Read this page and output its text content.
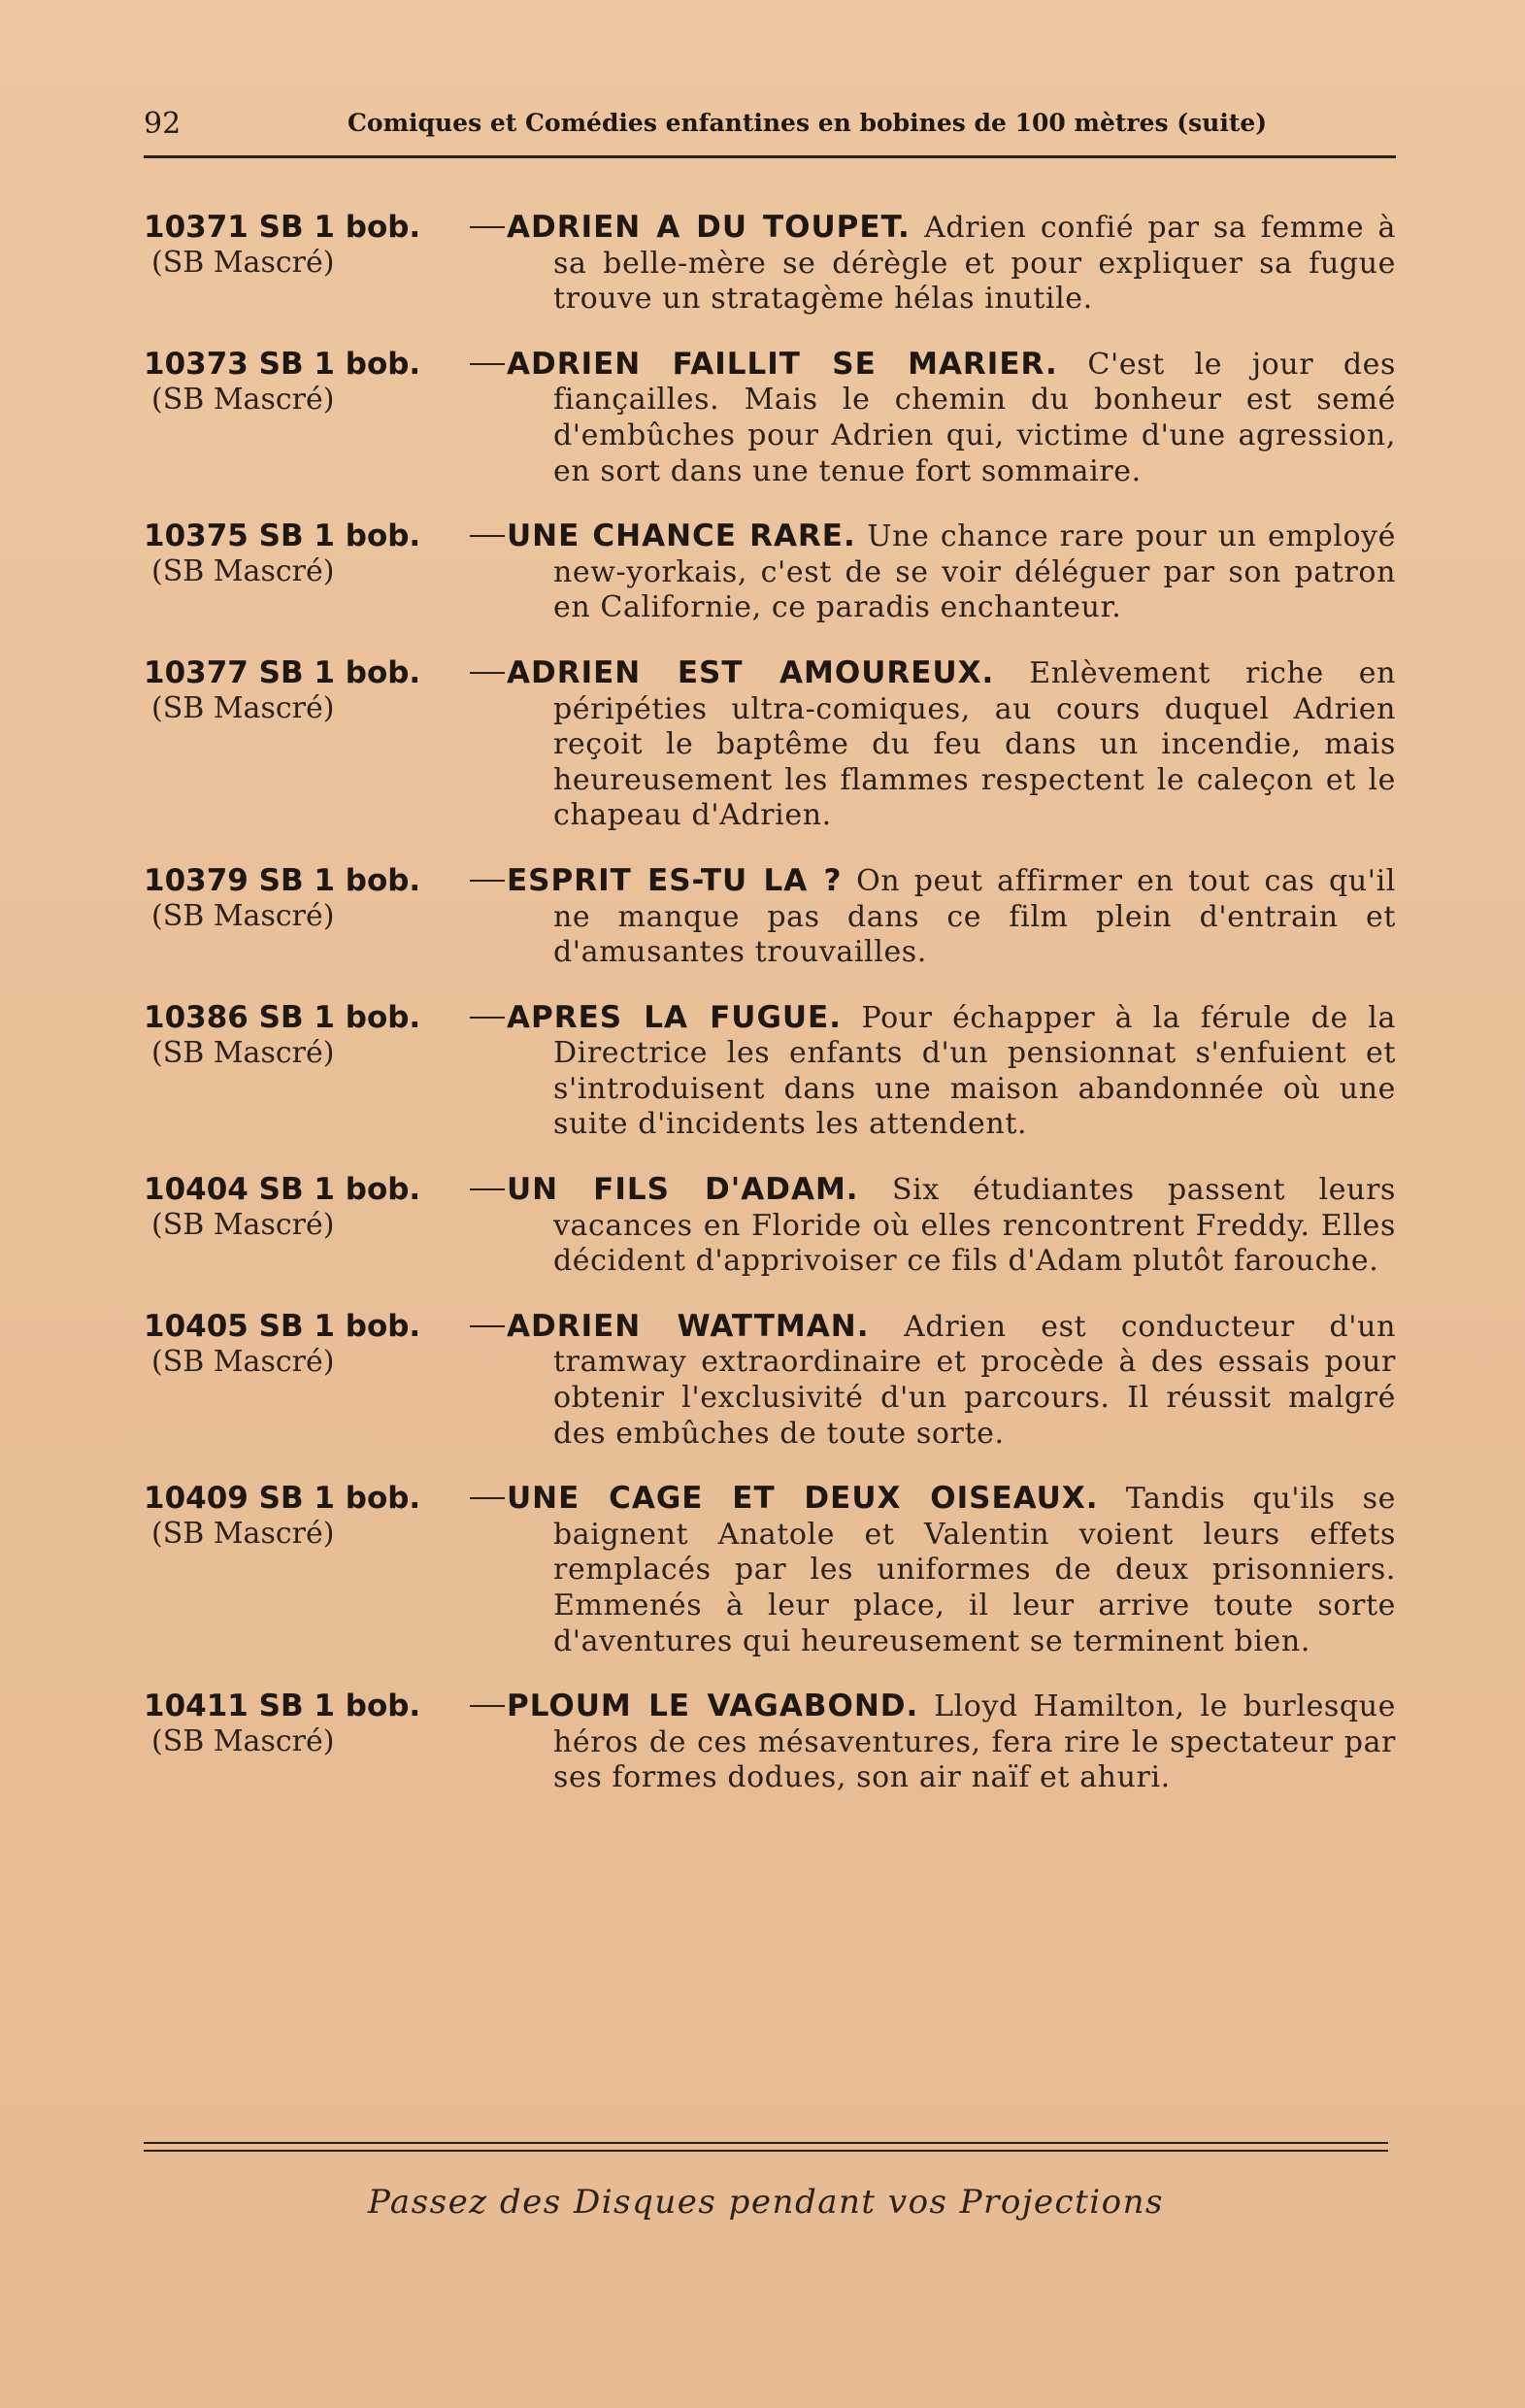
92	Comiques et Comédies enfantines en bobines de 100 mètres (suite)
10371 SB 1 bob.
(SB Mascré)
ADRIEN A DU TOUPET. Adrien confié par sa femme à sa belle-mère se dérègle et pour expliquer sa fugue trouve un stratagème hélas inutile.
10373 SB 1 bob.
(SB Mascré)
ADRIEN FAILLIT SE MARIER. C'est le jour des fiançailles. Mais le chemin du bonheur est semé d'embûches pour Adrien qui, victime d'une agression, en sort dans une tenue fort sommaire.
10375 SB 1 bob.
(SB Mascré)
UNE CHANCE RARE. Une chance rare pour un employé new-yorkais, c'est de se voir déléguer par son patron en Californie, ce paradis enchanteur.
10377 SB 1 bob.
(SB Mascré)
ADRIEN EST AMOUREUX. Enlèvement riche en péripéties ultra-comiques, au cours duquel Adrien reçoit le baptême du feu dans un incendie, mais heureusement les flammes respectent le caleçon et le chapeau d'Adrien.
10379 SB 1 bob.
(SB Mascré)
ESPRIT ES-TU LA ? On peut affirmer en tout cas qu'il ne manque pas dans ce film plein d'entrain et d'amusantes trouvailles.
10386 SB 1 bob.
(SB Mascré)
APRES LA FUGUE. Pour échapper à la férule de la Directrice les enfants d'un pensionnat s'enfuient et s'introduisent dans une maison abandonnée où une suite d'incidents les attendent.
10404 SB 1 bob.
(SB Mascré)
UN FILS D'ADAM. Six étudiantes passent leurs vacances en Floride où elles rencontrent Freddy. Elles décident d'apprivoiser ce fils d'Adam plutôt farouche.
10405 SB 1 bob.
(SB Mascré)
ADRIEN WATTMAN. Adrien est conducteur d'un tramway extraordinaire et procède à des essais pour obtenir l'exclusivité d'un parcours. Il réussit malgré des embûches de toute sorte.
10409 SB 1 bob.
(SB Mascré)
UNE CAGE ET DEUX OISEAUX. Tandis qu'ils se baignent Anatole et Valentin voient leurs effets remplacés par les uniformes de deux prisonniers. Emmenés à leur place, il leur arrive toute sorte d'aventures qui heureusement se terminent bien.
10411 SB 1 bob.
(SB Mascré)
PLOUM LE VAGABOND. Lloyd Hamilton, le burlesque héros de ces mésaventures, fera rire le spectateur par ses formes dodues, son air naïf et ahuri.
Passez des Disques pendant vos Projections
